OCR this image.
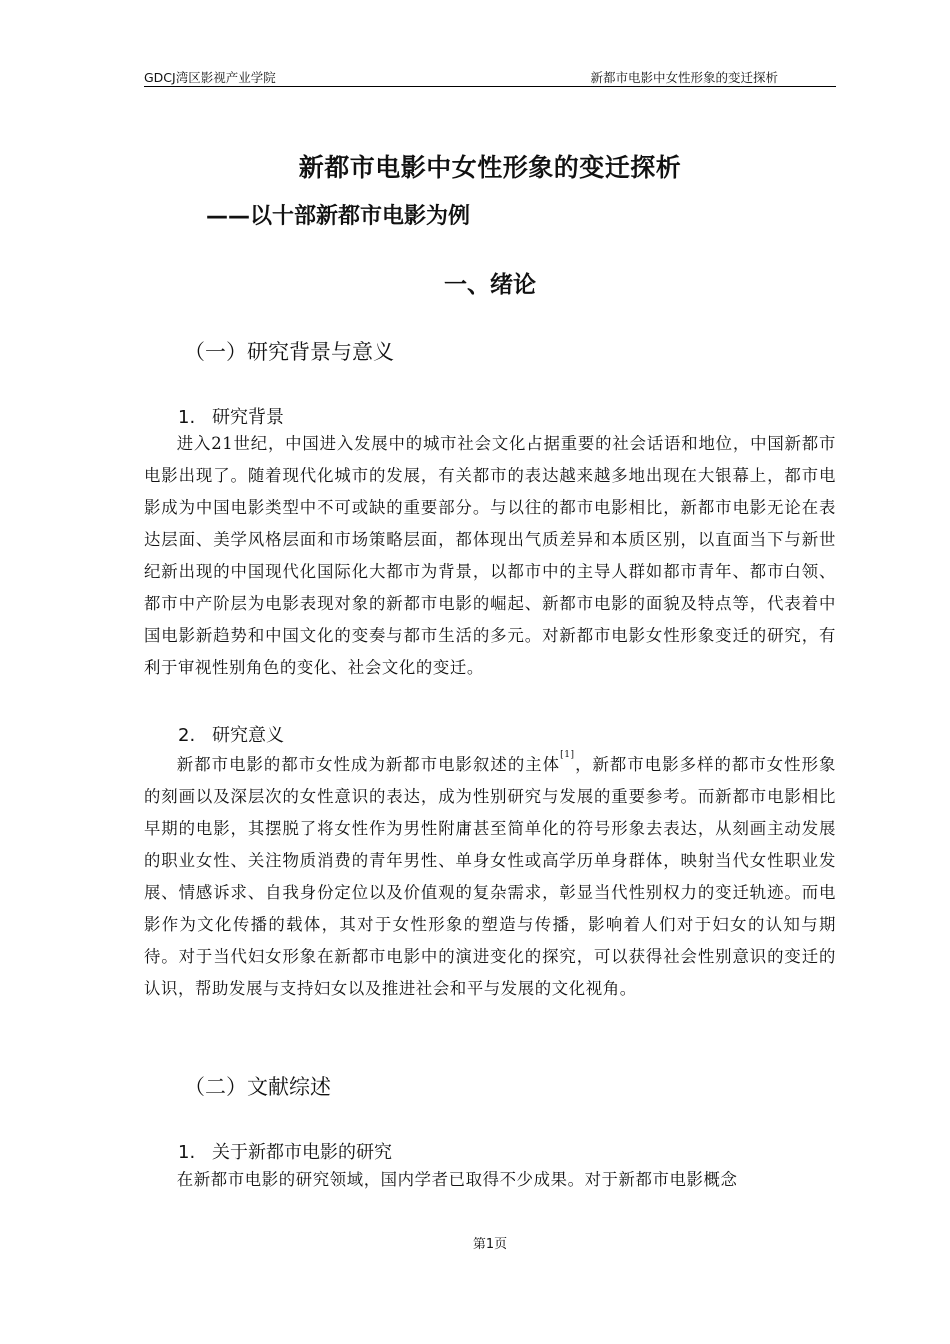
GDCJ湾区影视产业学院	新都市电影中女性形象的变迁探析
新都市电影中女性形象的变迁探析
——以十部新都市电影为例
一、绪论
（一）研究背景与意义
1. 研究背景

进入21世纪，中国进入发展中的城市社会文化占据重要的社会话语和地位，中国新都市电影出现了。随着现代化城市的发展，有关都市的表达越来越多地出现在大银幕上，都市电影成为中国电影类型中不可或缺的重要部分。与以往的都市电影相比，新都市电影无论在表达层面、美学风格层面和市场策略层面，都体现出气质差异和本质区别，以直面当下与新世纪新出现的中国现代化国际化大都市为背景，以都市中的主导人群如都市青年、都市白领、都市中产阶层为电影表现对象的新都市电影的崛起、新都市电影的面貌及特点等，代表着中国电影新趋势和中国文化的变奏与都市生活的多元。对新都市电影女性形象变迁的研究，有利于审视性别角色的变化、社会文化的变迁。

2. 研究意义

新都市电影的都市女性成为新都市电影叙述的主体[1]，新都市电影多样的都市女性形象的刻画以及深层次的女性意识的表达，成为性别研究与发展的重要参考。而新都市电影相比早期的电影，其摆脱了将女性作为男性附庸甚至简单化的符号形象去表达，从刻画主动发展的职业女性、关注物质消费的青年男性、单身女性或高学历单身群体，映射当代女性职业发展、情感诉求、自我身份定位以及价值观的复杂需求，彰显当代性别权力的变迁轨迹。而电影作为文化传播的载体，其对于女性形象的塑造与传播，影响着人们对于妇女的认知与期待。对于当代妇女形象在新都市电影中的演进变化的探究，可以获得社会性别意识的变迁的认识，帮助发展与支持妇女以及推进社会和平与发展的文化视角。

（二）文献综述
1. 关于新都市电影的研究

在新都市电影的研究领域，国内学者已取得不少成果。对于新都市电影概念

第1页
